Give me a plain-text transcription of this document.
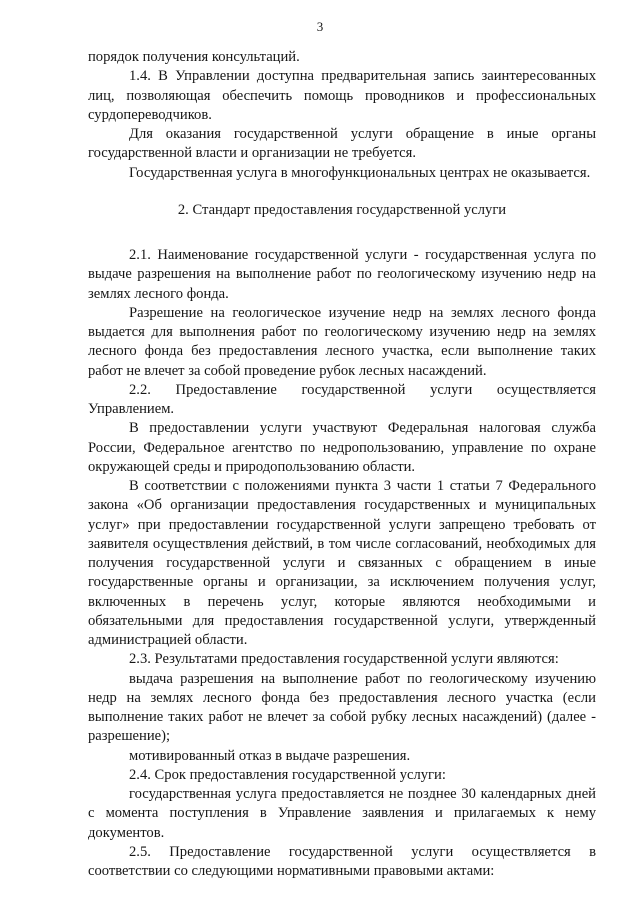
3

порядок получения консультаций.

1.4. В Управлении доступна предварительная запись заинтересованных лиц, позволяющая обеспечить помощь проводников и профессиональных сурдопереводчиков.

Для оказания государственной услуги обращение в иные органы государственной власти и организации не требуется.

Государственная услуга в многофункциональных центрах не оказывается.

2. Стандарт предоставления государственной услуги

2.1. Наименование государственной услуги - государственная услуга по выдаче разрешения на выполнение работ по геологическому изучению недр на землях лесного фонда.

Разрешение на геологическое изучение недр на землях лесного фонда выдается для выполнения работ по геологическому изучению недр на землях лесного фонда без предоставления лесного участка, если выполнение таких работ не влечет за собой проведение рубок лесных насаждений.

2.2. Предоставление государственной услуги осуществляется Управлением.

В предоставлении услуги участвуют Федеральная налоговая служба России, Федеральное агентство по недропользованию, управление по охране окружающей среды и природопользованию области.

В соответствии с положениями пункта 3 части 1 статьи 7 Федерального закона «Об организации предоставления государственных и муниципальных услуг» при предоставлении государственной услуги запрещено требовать от заявителя осуществления действий, в том числе согласований, необходимых для получения государственной услуги и связанных с обращением в иные государственные органы и организации, за исключением получения услуг, включенных в перечень услуг, которые являются необходимыми и обязательными для предоставления государственной услуги, утвержденный администрацией области.

2.3. Результатами предоставления государственной услуги являются:

выдача разрешения на выполнение работ по геологическому изучению недр на землях лесного фонда без предоставления лесного участка (если выполнение таких работ не влечет за собой рубку лесных насаждений) (далее - разрешение);

мотивированный отказ в выдаче разрешения.

2.4. Срок предоставления государственной услуги:

государственная услуга предоставляется не позднее 30 календарных дней с момента поступления в Управление заявления и прилагаемых к нему документов.

2.5. Предоставление государственной услуги осуществляется в соответствии со следующими нормативными правовыми актами:
